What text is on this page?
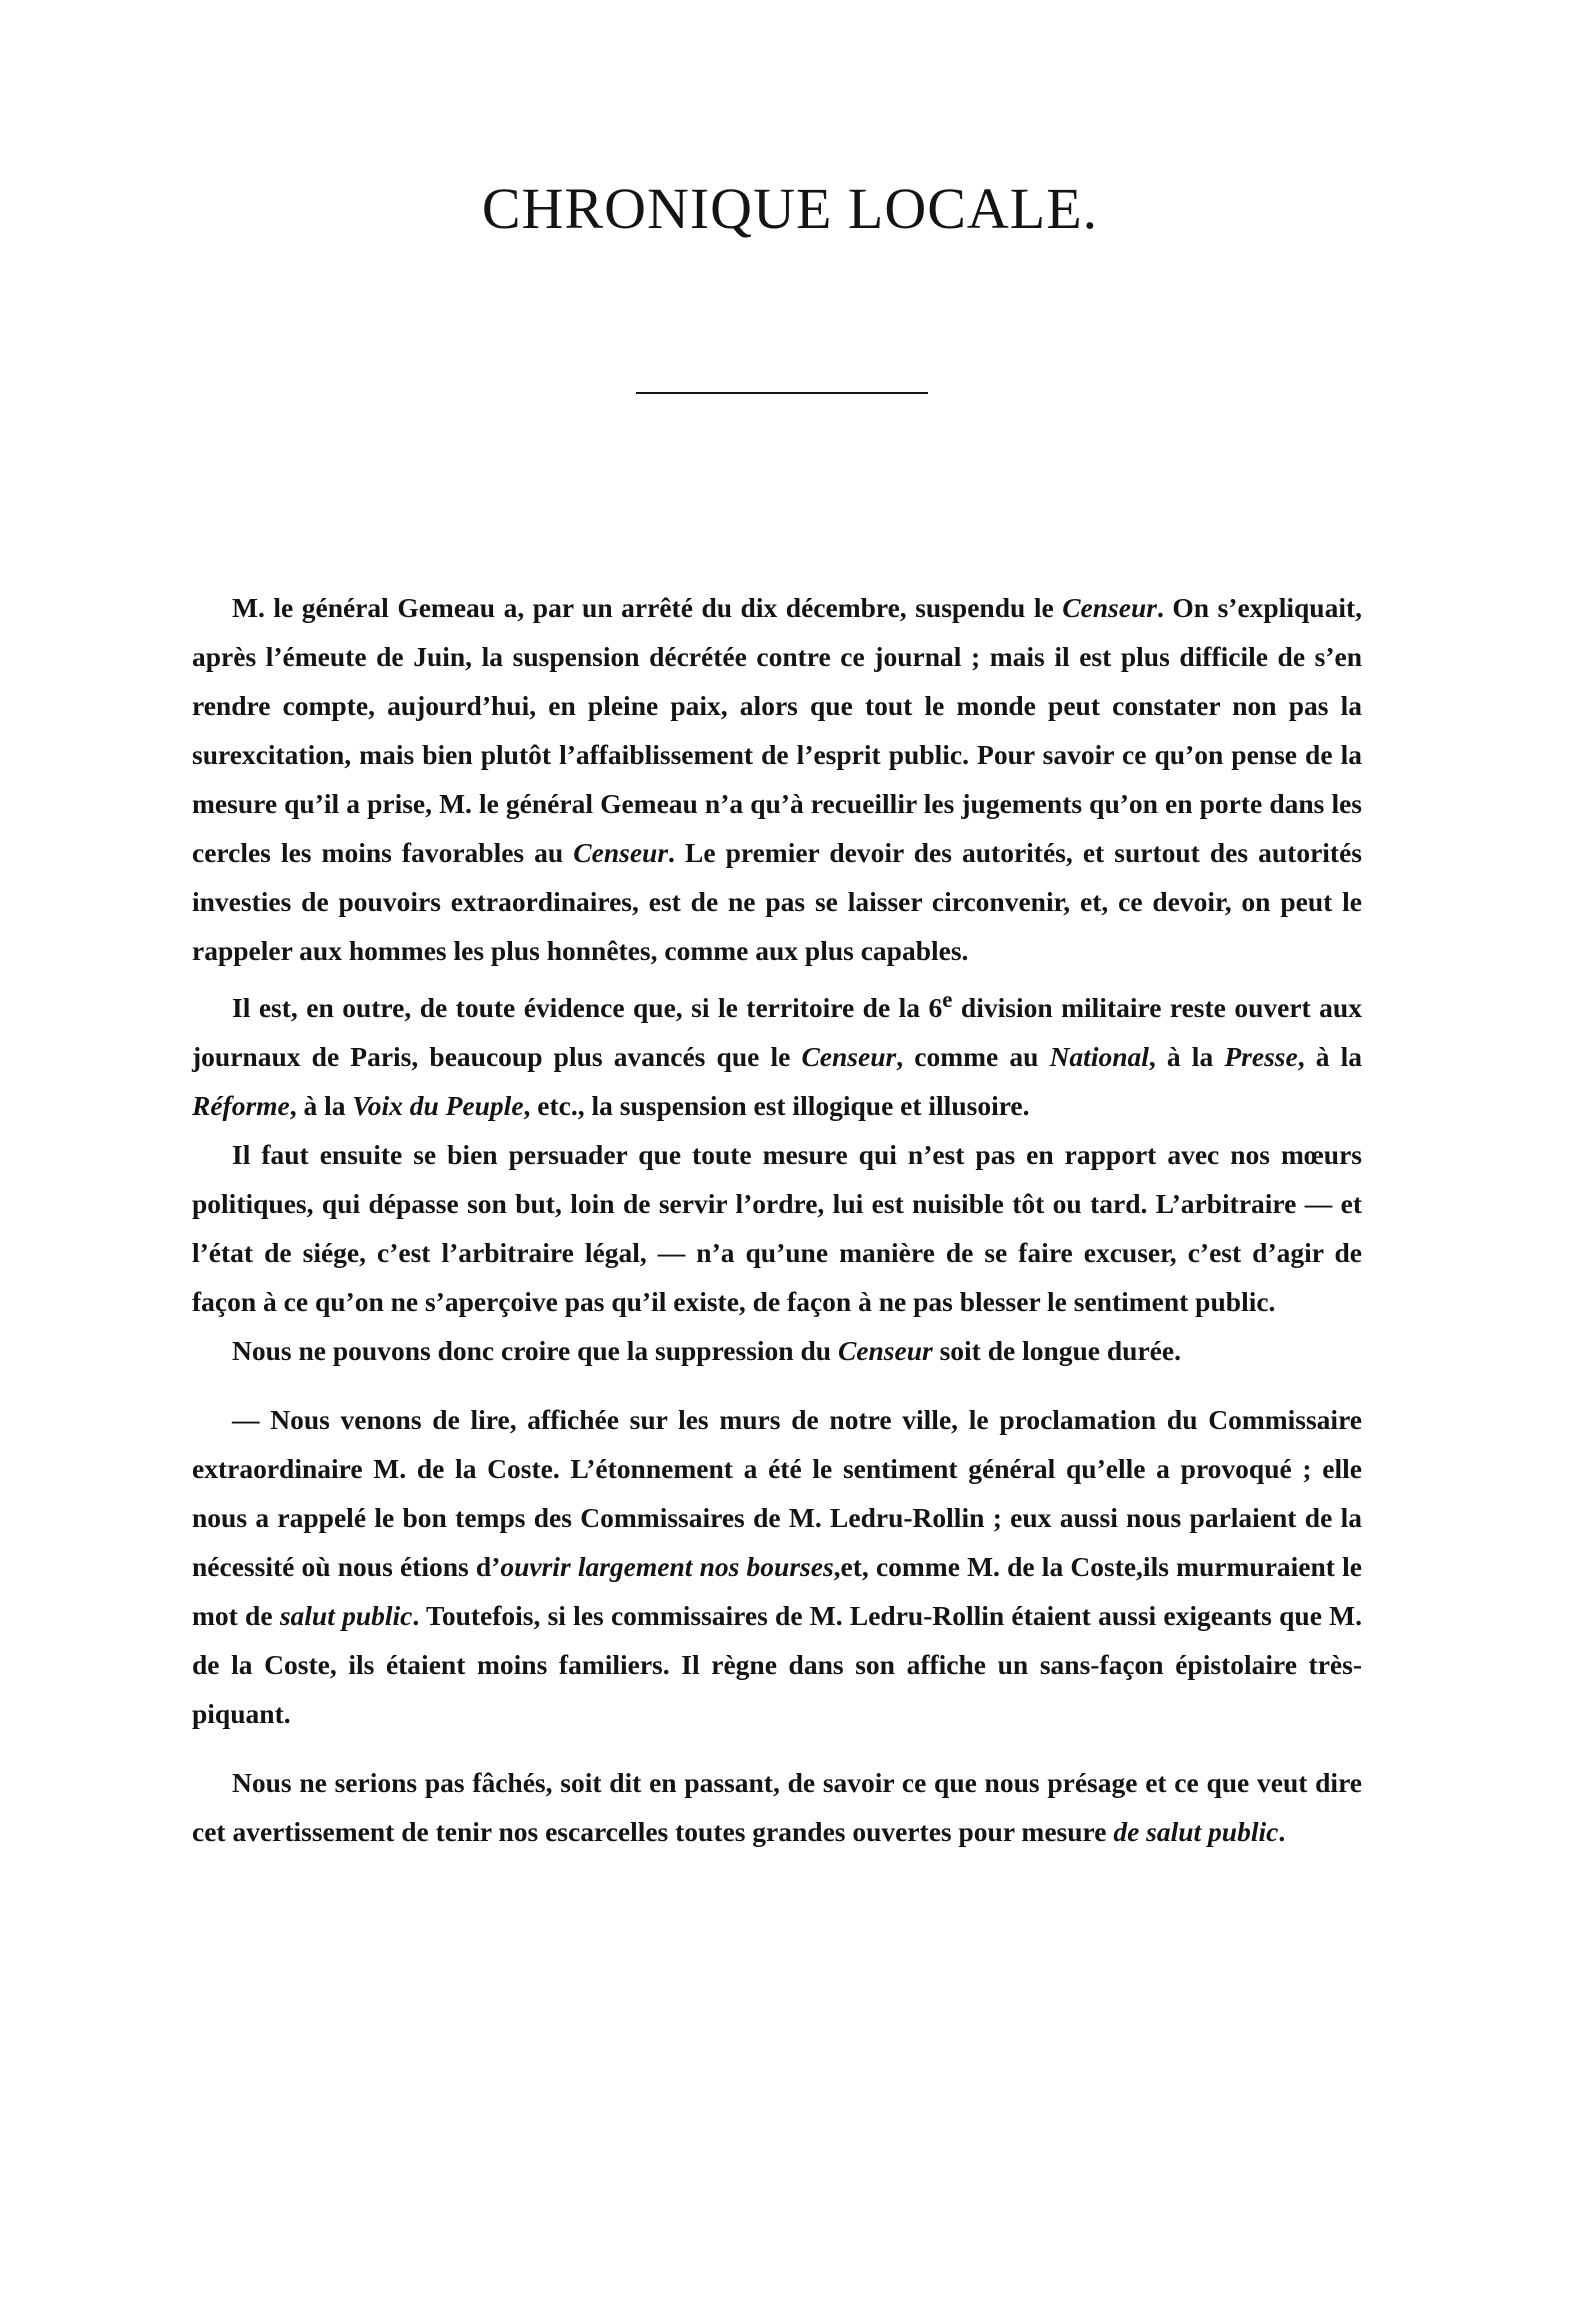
CHRONIQUE LOCALE.

M. le général Gemeau a, par un arrêté du dix décembre, suspendu le Censeur. On s’expliquait, après l’émeute de Juin, la suspension décrétée contre ce journal ; mais il est plus difficile de s’en rendre compte, aujourd’hui, en pleine paix, alors que tout le monde peut constater non pas la surexcitation, mais bien plutôt l’affaiblissement de l’esprit public. Pour savoir ce qu’on pense de la mesure qu’il a prise, M. le général Gemeau n’a qu’à recueillir les jugements qu’on en porte dans les cercles les moins favorables au Censeur. Le premier devoir des autorités, et surtout des autorités investies de pouvoirs extraordinaires, est de ne pas se laisser circonvenir, et, ce devoir, on peut le rappeler aux hommes les plus honnêtes, comme aux plus capables.

Il est, en outre, de toute évidence que, si le territoire de la 6e division militaire reste ouvert aux journaux de Paris, beaucoup plus avancés que le Censeur, comme au National, à la Presse, à la Réforme, à la Voix du Peuple, etc., la suspension est illogique et illusoire.

Il faut ensuite se bien persuader que toute mesure qui n’est pas en rapport avec nos mœurs politiques, qui dépasse son but, loin de servir l’ordre, lui est nuisible tôt ou tard. L’arbitraire — et l’état de siége, c’est l’arbitraire légal, — n’a qu’une manière de se faire excuser, c’est d’agir de façon à ce qu’on ne s’aperçoive pas qu’il existe, de façon à ne pas blesser le sentiment public.

Nous ne pouvons donc croire que la suppression du Censeur soit de longue durée.

— Nous venons de lire, affichée sur les murs de notre ville, le proclamation du Commissaire extraordinaire M. de la Coste. L’étonnement a été le sentiment général qu’elle a provoqué ; elle nous a rappelé le bon temps des Commissaires de M. Ledru-Rollin ; eux aussi nous parlaient de la nécessité où nous étions d’ouvrir largement nos bourses,et, comme M. de la Coste,ils murmuraient le mot de salut public. Toutefois, si les commissaires de M. Ledru-Rollin étaient aussi exigeants que M. de la Coste, ils étaient moins familiers. Il règne dans son affiche un sans-façon épistolaire très-piquant.

Nous ne serions pas fâchés, soit dit en passant, de savoir ce que nous présage et ce que veut dire cet avertissement de tenir nos escarcelles toutes grandes ouvertes pour mesure de salut public.
